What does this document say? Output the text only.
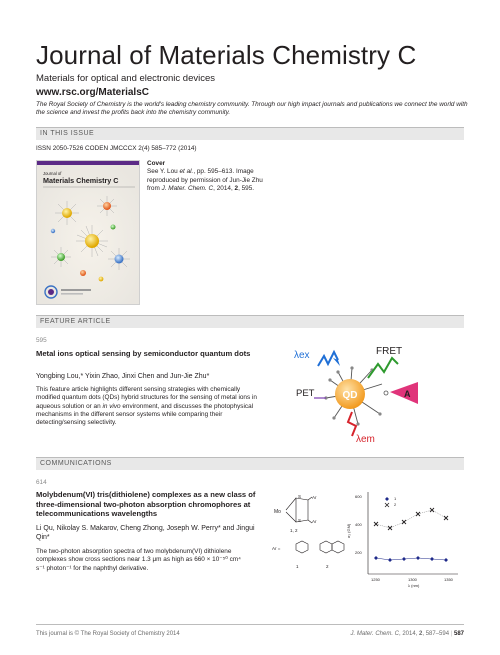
Journal of Materials Chemistry C
Materials for optical and electronic devices
www.rsc.org/MaterialsC
The Royal Society of Chemistry is the world's leading chemistry community. Through our high impact journals and publications we connect the world with the science and invest the profits back into the chemistry community.
IN THIS ISSUE
ISSN 2050-7526 CODEN JMCCCX 2(4) 585–772 (2014)
Journal of
Materials Chemistry C
Cover
See Y. Lou et al., pp. 595–613. Image reproduced by permission of Jun-Jie Zhu from J. Mater. Chem. C, 2014, 2, 595.
FEATURE ARTICLE
595
Metal ions optical sensing by semiconductor quantum dots
Yongbing Lou,* Yixin Zhao, Jinxi Chen and Jun-Jie Zhu*
This feature article highlights different sensing strategies with chemically modified quantum dots (QDs) hybrid structures for the sensing of metal ions in aqueous solution or an in vivo environment, and discusses the photophysical mechanisms in the different sensor systems while comparing their detecting/sensing selectivity.
QD
λex	FRET
PET	A
λem
COMMUNICATIONS
614
Molybdenum(VI) tris(dithiolene) complexes as a new class of three-dimensional two-photon absorption chromophores at telecommunications wavelengths
Li Qu, Nikolay S. Makarov, Cheng Zhong, Joseph W. Perry* and Jingui Qin*
The two-photon absorption spectra of two molybdenum(VI) dithiolene complexes show cross sections near 1.3 μm as high as 660 × 10⁻⁵⁰ cm⁴ s⁻¹ photon⁻¹ for the naphthyl derivative.
Mo
S
S
Ar
Ar
1, 2
Ar =
1	2
600
400
200
1250	1300	1350
λ (nm)
σ₂ (GM)
1
2
This journal is © The Royal Society of Chemistry 2014	J. Mater. Chem. C, 2014, 2, 587–594 | 587
